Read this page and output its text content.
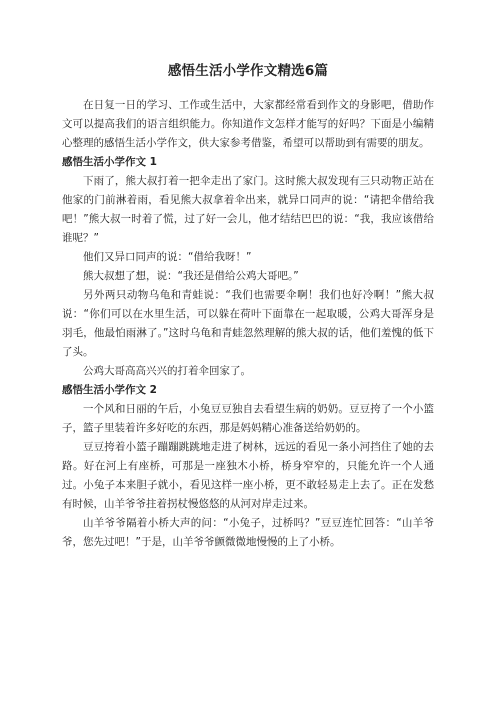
感悟生活小学作文精选6篇

在日复一日的学习、工作或生活中，大家都经常看到作文的身影吧，借助作文可以提高我们的语言组织能力。你知道作文怎样才能写的好吗？下面是小编精心整理的感悟生活小学作文，供大家参考借鉴，希望可以帮助到有需要的朋友。

感悟生活小学作文 1

下雨了，熊大叔打着一把伞走出了家门。这时熊大叔发现有三只动物正站在他家的门前淋着雨，看见熊大叔拿着伞出来，就异口同声的说：“请把伞借给我吧！”熊大叔一时着了慌，过了好一会儿，他才结结巴巴的说：“我，我应该借给谁呢？”

他们又异口同声的说：“借给我呀！”

熊大叔想了想，说：“我还是借给公鸡大哥吧。”

另外两只动物乌龟和青蛙说：“我们也需要伞啊！我们也好冷啊！”熊大叔说：“你们可以在水里生活，可以躲在荷叶下面靠在一起取暖，公鸡大哥浑身是羽毛，他最怕雨淋了。”这时乌龟和青蛙忽然理解的熊大叔的话，他们羞愧的低下了头。

公鸡大哥高高兴兴的打着伞回家了。

感悟生活小学作文 2

一个风和日丽的午后，小兔豆豆独自去看望生病的奶奶。豆豆挎了一个小篮子，篮子里装着许多好吃的东西，那是妈妈精心准备送给奶奶的。

豆豆挎着小篮子蹦蹦跳跳地走进了树林，远远的看见一条小河挡住了她的去路。好在河上有座桥，可那是一座独木小桥，桥身窄窄的，只能允许一个人通过。小兔子本来胆子就小，看见这样一座小桥，更不敢轻易走上去了。正在发愁有时候，山羊爷爷拄着拐杖慢悠悠的从河对岸走过来。

山羊爷爷隔着小桥大声的问：“小兔子，过桥吗？”豆豆连忙回答：“山羊爷爷，您先过吧！”于是，山羊爷爷颤微微地慢慢的上了小桥。
